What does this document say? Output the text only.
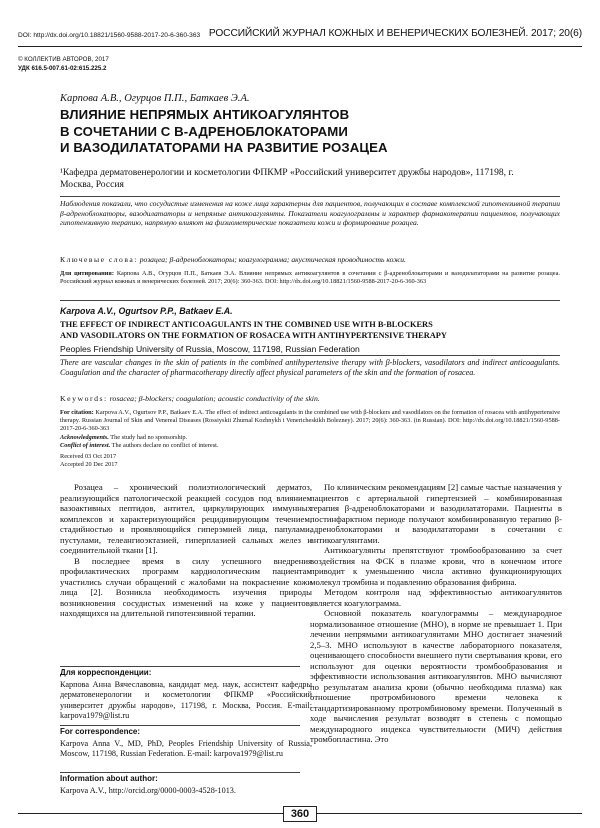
DOI: http://dx.doi.org/10.18821/1560-9588-2017-20-6-360-363 РОССИЙСКИЙ ЖУРНАЛ КОЖНЫХ И ВЕНЕРИЧЕСКИХ БОЛЕЗНЕЙ. 2017; 20(6)
© КОЛЛЕКТИВ АВТОРОВ, 2017
УДК 616.5-007.61-02:615.225.2
Карпова А.В., Огурцов П.П., Баткаев Э.А.
ВЛИЯНИЕ НЕПРЯМЫХ АНТИКОАГУЛЯНТОВ
В СОЧЕТАНИИ С В-АДРЕНОБЛОКАТОРАМИ
И ВАЗОДИЛАТАТОРАМИ НА РАЗВИТИЕ РОЗАЦЕА
¹Кафедра дерматовенерологии и косметологии ФПКМР «Российский университет дружбы народов», 117198, г. Москва, Россия
Наблюдения показали, что сосудистые изменения на коже лица характерны для пациентов, получающих в составе комплексной гипотензивной терапии β-адреноблокаторы, вазодилататоры и непрямые антикоагулянты. Показатели коагулограммы и характер фармакотерапии пациентов, получающих гипотензивную терапию, напрямую влияют на физиометрические показатели кожи и формирование розацеа.
Ключевые слова: розацеа; β-адреноблокаторы; коагулограмма; акустическая проводимость кожи.
Для цитирования: Карпова А.В., Огурцов П.П., Баткаев Э.А. Влияние непрямых антикоагулянтов в сочетании с β-адреноблокаторами и вазодилататорами на развитие розацеа. Российский журнал кожных и венерических болезней. 2017; 20(6): 360-363. DOI: http://dx.doi.org/10.18821/1560-9588-2017-20-6-360-363
Karpova A.V., Ogurtsov P.P., Batkaev E.A.
THE EFFECT OF INDIRECT ANTICOAGULANTS IN THE COMBINED USE WITH B-BLOCKERS
AND VASODILATORS ON THE FORMATION OF ROSACEA WITH ANTIHYPERTENSIVE THERAPY
Peoples Friendship University of Russia, Moscow, 117198, Russian Federation
There are vascular changes in the skin of patients in the combined antihypertensive therapy with β-blockers, vasodilators and indirect anticoagulants. Coagulation and the character of pharmacotherapy directly affect physical parameters of the skin and the formation of rosacea.
Keywords: rosacea; β-blockers; coagulation; acoustic conductivity of the skin.
For citation: Karpova A.V., Ogurtsov P.P., Batkaev E.A. The effect of indirect anticoagulants in the combined use with β-blockers and vasodilators on the formation of rosacea with antihypertensive therapy. Russian Journal of Skin and Venereal Diseases (Rossiyskii Zhurnal Kozhnykh i Venericheskikh Bolezney). 2017; 20(6): 360-363. (in Russian). DOI: http://dx.doi.org/10.18821/1560-9588-2017-20-6-360-363
Acknowledgments. The study had no sponsorship.
Conflict of interest. The authors declare no conflict of interest.
Received 03 Oct 2017
Accepted 20 Dec 2017

Розацеа – хронический полиэтиологический дерматоз, реализующийся патологической реакцией сосудов под влиянием вазоактивных пептидов, антител, циркулирующих иммунных комплексов и характеризующийся рецидивирующим течением, стадийностью и проявляющийся гиперэмией лица, папулами, пустулами, телеангиоэктазией, гиперплазией сальных желез и соединительной ткани [1].

В последнее время в силу успешного внедрения профилактических программ кардиологическим пациентам участились случаи обращений с жалобами на покраснение кожи лица [2]. Возникла необходимость изучения природы возникновения сосудистых изменений на коже у пациентов, находящихся на длительной гипотензивной терапии.

Для корреспонденции:
Карпова Анна Вячеславовна, кандидат мед. наук, ассистент кафедры дерматовенерологии и косметологии ФПКМР «Российский университет дружбы народов», 117198, г. Москва, Россия. E-mail: karpova1979@list.ru
For correspondence:
Karpova Anna V., MD, PhD, Peoples Friendship University of Russia, Moscow, 117198, Russian Federation. E-mail: karpova1979@list.ru
Information about author:
Karpova A.V., http://orcid.org/0000-0003-4528-1013.

По клиническим рекомендациям [2] самые частые назначения у пациентов с артериальной гипертензией – комбинированная терапия β-адреноблокаторами и вазодилататорами. Пациенты в постинфарктном периоде получают комбинированную терапию β-адреноблокаторами и вазодилататорами в сочетании с антикоагулянтами.

Антикоагулянты препятствуют тромбообразованию за счет воздействия на ФСК в плазме крови, что в конечном итоге приводит к уменьшению числа активно функционирующих молекул тромбина и подавлению образования фибрина.

Методом контроля над эффективностью антикоагулянтов является коагулограмма.

Основной показатель коагулограммы – международное нормализованное отношение (МНО), в норме не превышает 1. При лечении непрямыми антикоагулянтами МНО достигает значений 2,5–3. МНО используют в качестве лабораторного показателя, оценивающего способности внешнего пути свертывания крови, его используют для оценки вероятности тромбообразования и эффективности использования антикоагулянтов. МНО вычисляют по результатам анализа крови (обычно необходима плазма) как отношение протромбинового времени человека к стандартизированному протромбиновому времени. Полученный в ходе вычисления результат возводят в степень с помощью международного индекса чувствительности (МИЧ) действия тромбопластина. Это

360
